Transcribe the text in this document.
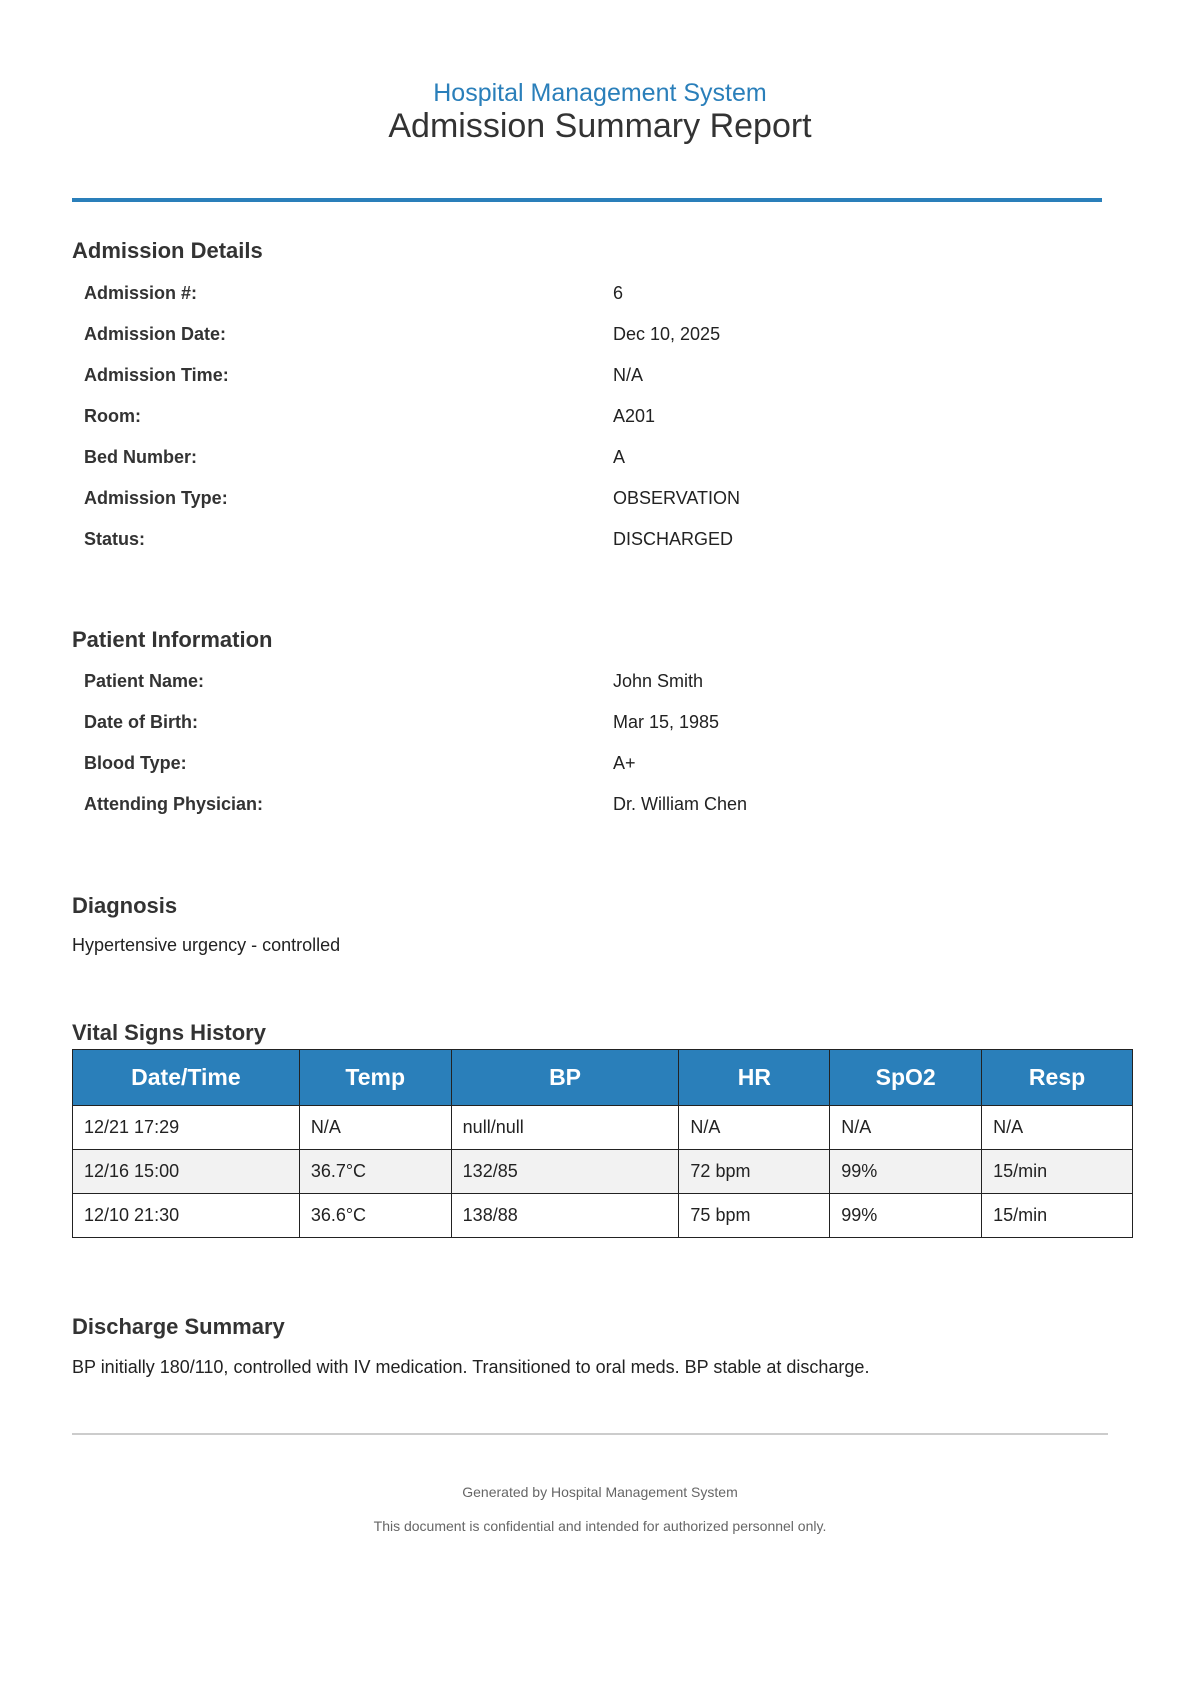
Hospital Management System
Admission Summary Report
Admission Details
Admission #:	6
Admission Date:	Dec 10, 2025
Admission Time:	N/A
Room:	A201
Bed Number:	A
Admission Type:	OBSERVATION
Status:	DISCHARGED
Patient Information
Patient Name:	John Smith
Date of Birth:	Mar 15, 1985
Blood Type:	A+
Attending Physician:	Dr. William Chen
Diagnosis
Hypertensive urgency - controlled
Vital Signs History
Date/Time	Temp	BP	HR	SpO2	Resp
12/21 17:29	N/A	null/null	N/A	N/A	N/A
12/16 15:00	36.7°C	132/85	72 bpm	99%	15/min
12/10 21:30	36.6°C	138/88	75 bpm	99%	15/min
Discharge Summary
BP initially 180/110, controlled with IV medication. Transitioned to oral meds. BP stable at discharge.
Generated by Hospital Management System
This document is confidential and intended for authorized personnel only.
